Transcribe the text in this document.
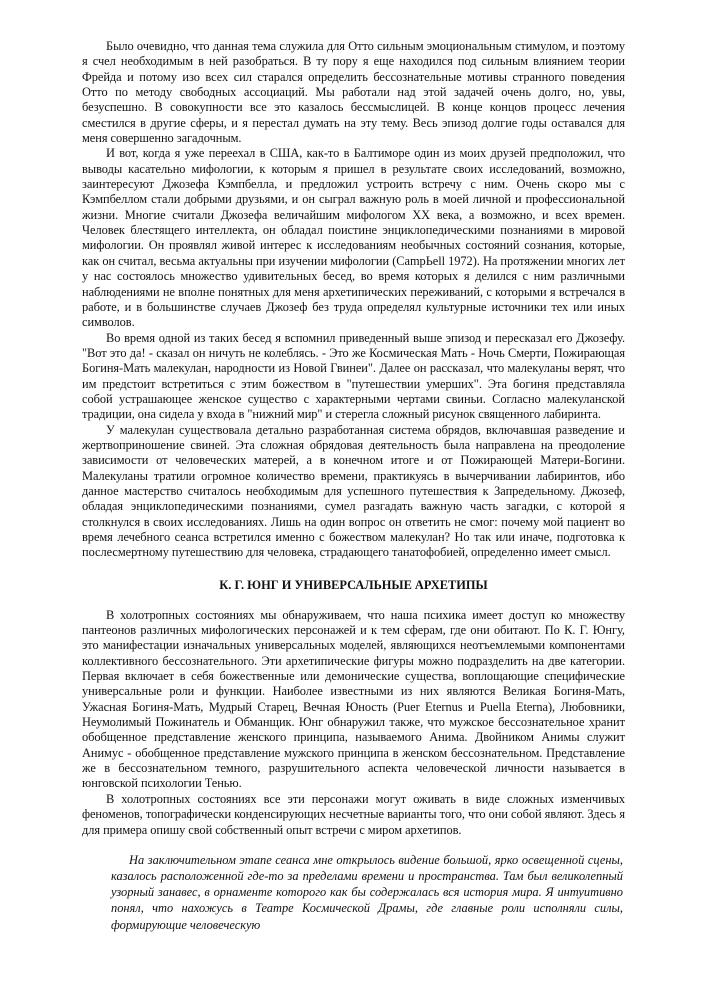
Было очевидно, что данная тема служила для Отто сильным эмоциональным стимулом, и поэтому я счел необходимым в ней разобраться. В ту пору я еще находился под сильным влиянием теории Фрейда и потому изо всех сил старался определить бессознательные мотивы странного поведения Отто по методу свободных ассоциаций. Мы работали над этой задачей очень долго, но, увы, безуспешно. В совокупности все это казалось бессмыслицей. В конце концов процесс лечения сместился в другие сферы, и я перестал думать на эту тему. Весь эпизод долгие годы оставался для меня совершенно загадочным.

И вот, когда я уже переехал в США, как-то в Балтиморе один из моих друзей предположил, что выводы касательно мифологии, к которым я пришел в результате своих исследований, возможно, заинтересуют Джозефа Кэмпбелла, и предложил устроить встречу с ним. Очень скоро мы с Кэмпбеллом стали добрыми друзьями, и он сыграл важную роль в моей личной и профессиональной жизни. Многие считали Джозефа величайшим мифологом XX века, а возможно, и всех времен. Человек блестящего интеллекта, он обладал поистине энциклопедическими познаниями в мировой мифологии. Он проявлял живой интерес к исследованиям необычных состояний сознания, которые, как он считал, весьма актуальны при изучении мифологии (CampЬell 1972). На протяжении многих лет у нас состоялось множество удивительных бесед, во время которых я делился с ним различными наблюдениями не вполне понятных для меня архетипических переживаний, с которыми я встречался в работе, и в большинстве случаев Джозеф без труда определял культурные источники тех или иных символов.

Во время одной из таких бесед я вспомнил приведенный выше эпизод и пересказал его Джозефу. "Вот это да! - сказал он ничуть не колеблясь. - Это же Космическая Мать - Ночь Смерти, Пожирающая Богиня-Мать малекулан, народности из Новой Гвинеи". Далее он рассказал, что малекуланы верят, что им предстоит встретиться с этим божеством в "путешествии умерших". Эта богиня представляла собой устрашающее женское существо с характерными чертами свиньи. Согласно малекуланской традиции, она сидела у входа в "нижний мир" и стерегла сложный рисунок священного лабиринта.

У малекулан существовала детально разработанная система обрядов, включавшая разведение и жертвоприношение свиней. Эта сложная обрядовая деятельность была направлена на преодоление зависимости от человеческих матерей, а в конечном итоге и от Пожирающей Матери-Богини. Малекуланы тратили огромное количество времени, практикуясь в вычерчивании лабиринтов, ибо данное мастерство считалось необходимым для успешного путешествия к Запредельному. Джозеф, обладая энциклопедическими познаниями, сумел разгадать важную часть загадки, с которой я столкнулся в своих исследованиях. Лишь на один вопрос он ответить не смог: почему мой пациент во время лечебного сеанса встретился именно с божеством малекулан? Но так или иначе, подготовка к послесмертному путешествию для человека, страдающего танатофобией, определенно имеет смысл.

К. Г. ЮНГ И УНИВЕРСАЛЬНЫЕ АРХЕТИПЫ

В холотропных состояниях мы обнаруживаем, что наша психика имеет доступ ко множеству пантеонов различных мифологических персонажей и к тем сферам, где они обитают. По К. Г. Юнгу, это манифестации изначальных универсальных моделей, являющихся неотъемлемыми компонентами коллективного бессознательного. Эти архетипические фигуры можно подразделить на две категории. Первая включает в себя божественные или демонические существа, воплощающие специфические универсальные роли и функции. Наиболее известными из них являются Великая Богиня-Мать, Ужасная Богиня-Мать, Мудрый Старец, Вечная Юность (Puer Eternus и Puella Eterna), Любовники, Неумолимый Пожинатель и Обманщик. Юнг обнаружил также, что мужское бессознательное хранит обобщенное представление женского принципа, называемого Анима. Двойником Анимы служит Анимус - обобщенное представление мужского принципа в женском бессознательном. Представление же в бессознательном темного, разрушительного аспекта человеческой личности называется в юнговской психологии Тенью.

В холотропных состояниях все эти персонажи могут оживать в виде сложных изменчивых феноменов, топографически конденсирующих несчетные варианты того, что они собой являют. Здесь я для примера опишу свой собственный опыт встречи с миром архетипов.

На заключительном этапе сеанса мне открылось видение большой, ярко освещенной сцены, казалось расположенной где-то за пределами времени и пространства. Там был великолепный узорный занавес, в орнаменте которого как бы содержалась вся история мира. Я интуитивно понял, что нахожусь в Театре Космической Драмы, где главные роли исполняли силы, формирующие человеческую
